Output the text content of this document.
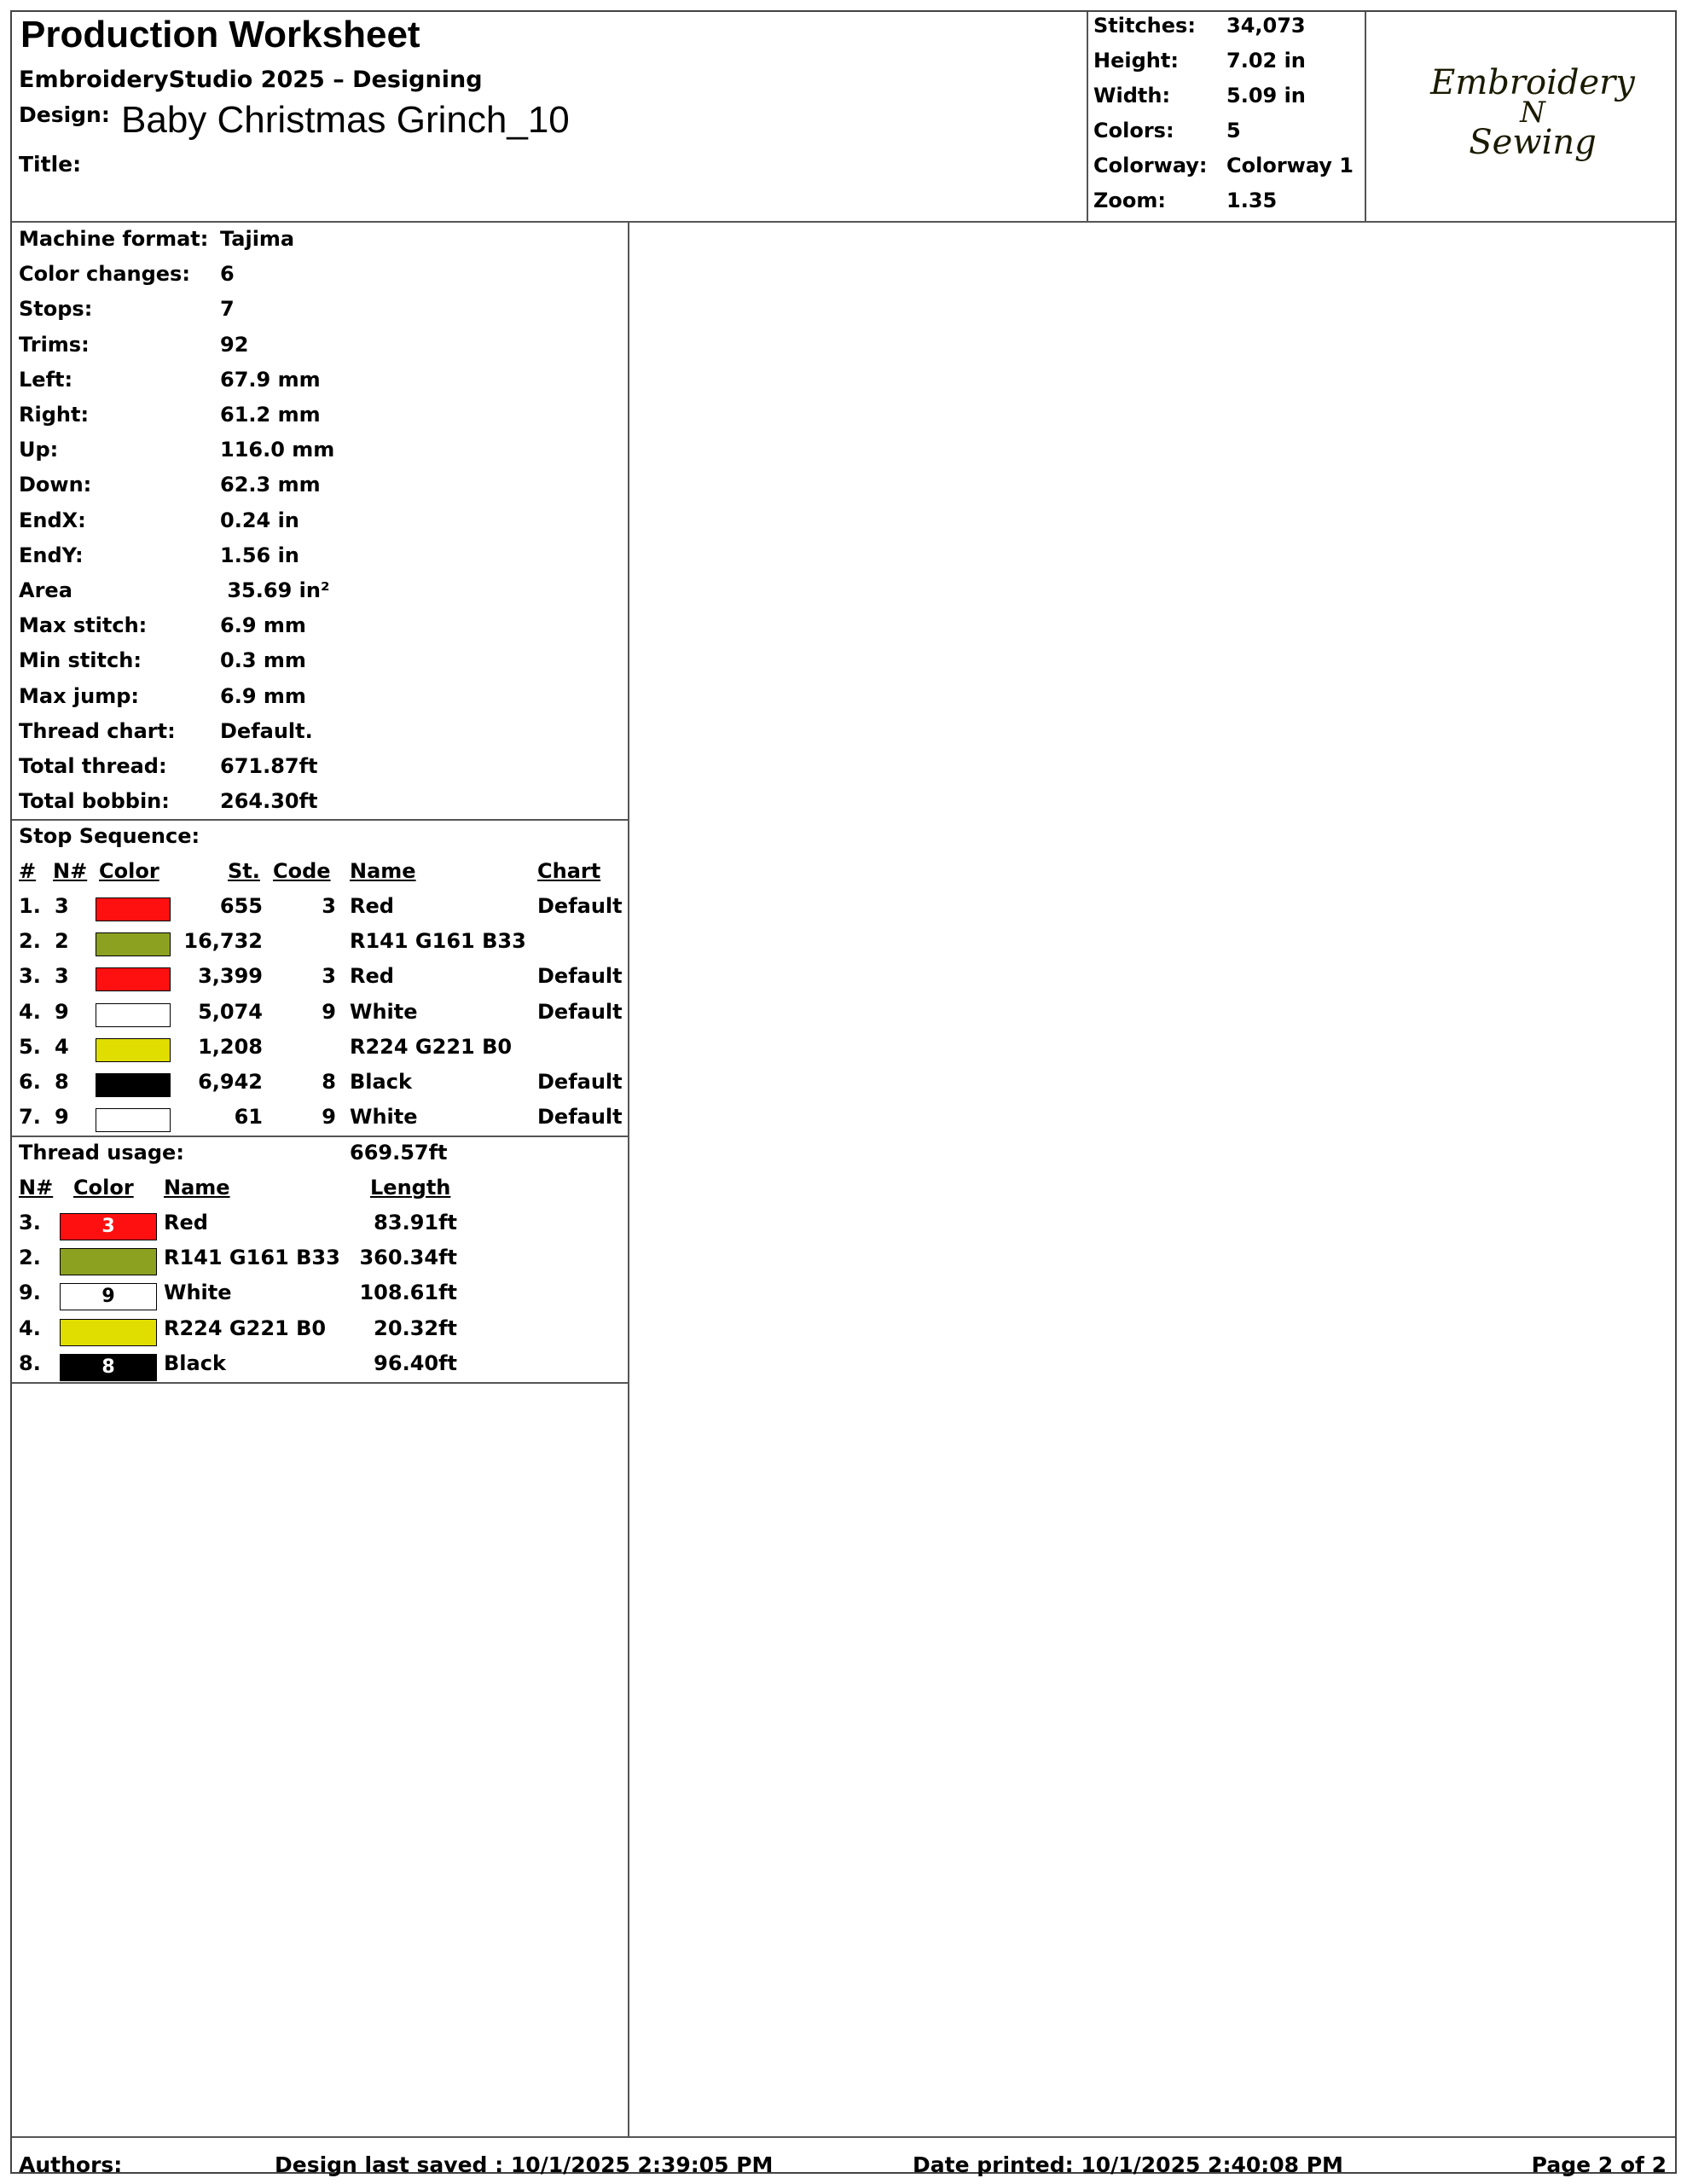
Production Worksheet
EmbroideryStudio 2025 – Designing
Design: Baby Christmas Grinch_10
Title:
Stitches: 34,073
Height: 7.02 in
Width:	5.09 in
Colors:	5
Colorway: Colorway 1
Zoom:	1.35
Embroidery
N
Sewing
Machine format: Tajima
Color changes: 6
Stops:	7
Trims:	92
Left:	67.9 mm
Right:	61.2 mm
Up:	116.0 mm
Down:	62.3 mm
EndX:	0.24 in
EndY:	1.56 in
Area	35.69 in²
Max stitch:	6.9 mm
Min stitch:	0.3 mm
Max jump:	6.9 mm
Thread chart: Default.
Total thread:	671.87ft
Total bobbin: 264.30ft
Stop Sequence:
# N# Color	St. Code Name	Chart
1. 3	655	3 Red	Default
2. 2	16,732	R141 G161 B33
3. 3	3,399	3 Red	Default
4. 9	5,074	9 White	Default
5. 4	1,208	R224 G221 B0
6. 8	6,942	8 Black	Default
7. 9	61	9 White	Default
Thread usage:	669.57ft
N# Color Name	Length
3.	3	Red	83.91ft
2.	R141 G161 B33 360.34ft
9.	9	White	108.61ft
4.	R224 G221 B0	20.32ft
8.	8	Black	96.40ft
Authors:	Design last saved : 10/1/2025 2:39:05 PM	Date printed: 10/1/2025 2:40:08 PM	Page 2 of 2
